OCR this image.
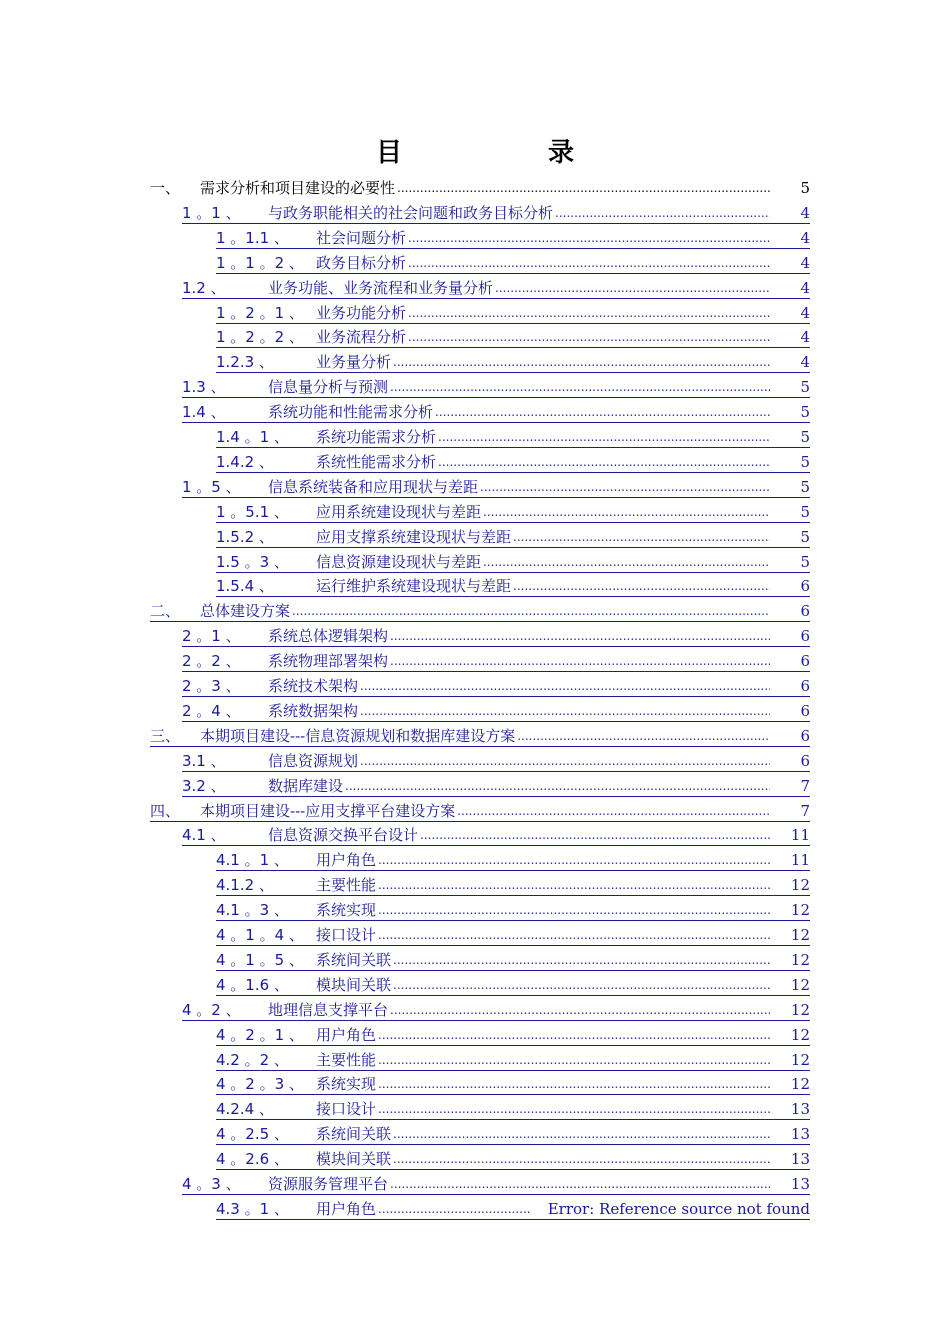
目　录
一、	需求分析和项目建设的必要性 .....	5
1 。1 、	与政务职能相关的社会问题和政务目标分析 .....	4
1 。1.1 、	社会问题分析 .....	4
1 。1 。2 、 政务目标分析 .....	4
1.2 、	业务功能、业务流程和业务量分析 .....	4
1 。2 。1 、 业务功能分析 .....	4
1 。2 。2 、 业务流程分析 .....	4
1.2.3 、	业务量分析 .....	4
1.3 、	信息量分析与预测 .....	5
1.4 、	系统功能和性能需求分析 .....	5
1.4 。1 、	系统功能需求分析 .....	5
1.4.2 、	系统性能需求分析 .....	5
1 。5 、	信息系统装备和应用现状与差距 .....	5
1 。5.1 、	应用系统建设现状与差距 .....	5
1.5.2 、	应用支撑系统建设现状与差距 .....	5
1.5 。3 、	信息资源建设现状与差距 .....	5
1.5.4 、	运行维护系统建设现状与差距 .....	6
二、	总体建设方案 .....	6
2 。1 、	系统总体逻辑架构 .....	6
2 。2 、	系统物理部署架构 .....	6
2 。3 、	系统技术架构 .....	6
2 。4 、	系统数据架构 .....	6
三、	本期项目建设---信息资源规划和数据库建设方案 .....	6
3.1 、	信息资源规划 .....	6
3.2 、	数据库建设 .....	7
四、	本期项目建设---应用支撑平台建设方案 .....	7
4.1 、	信息资源交换平台设计 .....	11
4.1 。1 、	用户角色 .....	11
4.1.2 、	主要性能 .....	12
4.1 。3 、	系统实现 .....	12
4 。1 。4 、 接口设计 .....	12
4 。1 。5 、 系统间关联 .....	12
4 。1.6 、	模块间关联 .....	12
4 。2 、	地理信息支撑平台 .....	12
4 。2 。1 、 用户角色 .....	12
4.2 。2 、	主要性能 .....	12
4 。2 。3 、 系统实现 .....	12
4.2.4 、	接口设计 .....	13
4 。2.5 、	系统间关联 .....	13
4 。2.6 、	模块间关联 .....	13
4 。3 、	资源服务管理平台 .....	13
4.3 。1 、	用户角色 .....	Error: Reference source not found
